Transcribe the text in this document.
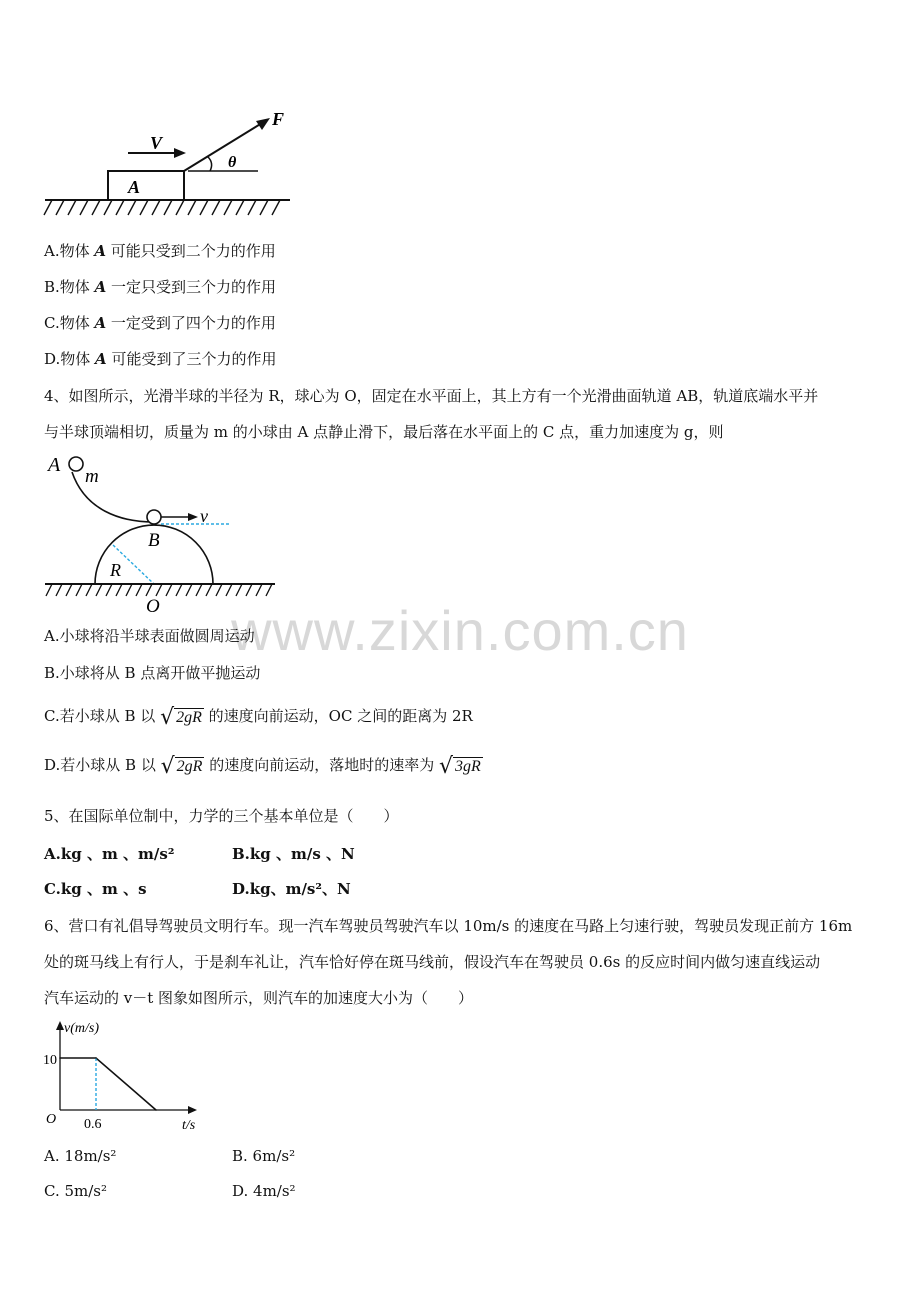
A
V
F
θ
A.物体 A 可能只受到二个力的作用
B.物体 A 一定只受到三个力的作用
C.物体 A 一定受到了四个力的作用
D.物体 A 可能受到了三个力的作用
4、如图所示，光滑半球的半径为 R，球心为 O，固定在水平面上，其上方有一个光滑曲面轨道 AB，轨道底端水平并
与半球顶端相切，质量为 m 的小球由 A 点静止滑下，最后落在水平面上的 C 点，重力加速度为 g，则
A
m
v
B
R
O	www.zixin.com.cn
A.小球将沿半球表面做圆周运动
B.小球将从 B 点离开做平抛运动
C.若小球从 B 以 √ 2gR 的速度向前运动，OC 之间的距离为 2R
D.若小球从 B 以 √ 2gR 的速度向前运动，落地时的速率为 √ 3gR
5、在国际单位制中，力学的三个基本单位是（　　）
A.kg 、m 、m/s²	B.kg 、m/s 、N
C.kg 、m 、s	D.kg、m/s²、N
6、营口有礼倡导驾驶员文明行车。现一汽车驾驶员驾驶汽车以 10m/s 的速度在马路上匀速行驶，驾驶员发现正前方 16m
处的斑马线上有行人，于是刹车礼让，汽车恰好停在斑马线前，假设汽车在驾驶员 0.6s 的反应时间内做匀速直线运动
汽车运动的 v－t 图象如图所示，则汽车的加速度大小为（　　）
v(m/s)
t/s
O
10
0.6
A. 18m/s²	B. 6m/s²
C. 5m/s²	D. 4m/s²
